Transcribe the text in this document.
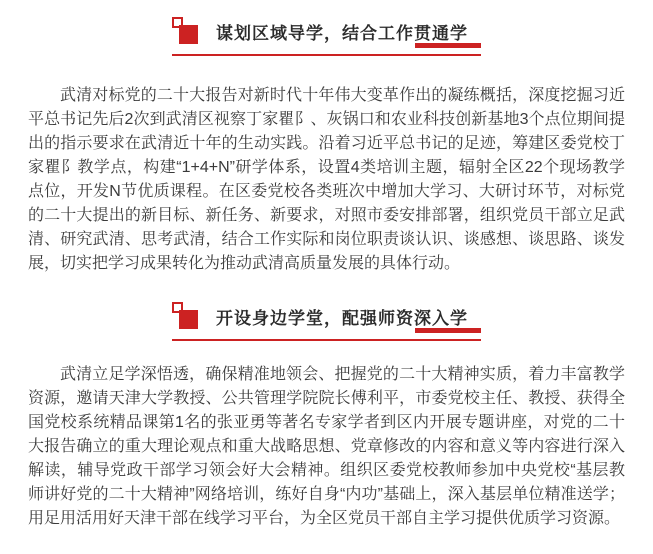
谋划区域导学，结合工作贯通学

武清对标党的二十大报告对新时代十年伟大变革作出的凝练概括，深度挖掘习近平总书记先后2次到武清区视察丁家瞿阝、灰锅口和农业科技创新基地3个点位期间提出的指示要求在武清近十年的生动实践。沿着习近平总书记的足迹，筹建区委党校丁家瞿阝教学点，构建“1+4+N”研学体系，设置4类培训主题，辐射全区22个现场教学点位，开发N节优质课程。在区委党校各类班次中增加大学习、大研讨环节，对标党的二十大提出的新目标、新任务、新要求，对照市委安排部署，组织党员干部立足武清、研究武清、思考武清，结合工作实际和岗位职责谈认识、谈感想、谈思路、谈发展，切实把学习成果转化为推动武清高质量发展的具体行动。

开设身边学堂，配强师资深入学

武清立足学深悟透，确保精准地领会、把握党的二十大精神实质，着力丰富教学资源，邀请天津大学教授、公共管理学院院长傅利平，市委党校主任、教授、获得全国党校系统精品课第1名的张亚勇等著名专家学者到区内开展专题讲座，对党的二十大报告确立的重大理论观点和重大战略思想、党章修改的内容和意义等内容进行深入解读，辅导党政干部学习领会好大会精神。组织区委党校教师参加中央党校“基层教师讲好党的二十大精神”网络培训，练好自身“内功”基础上，深入基层单位精准送学；用足用活用好天津干部在线学习平台，为全区党员干部自主学习提供优质学习资源。
